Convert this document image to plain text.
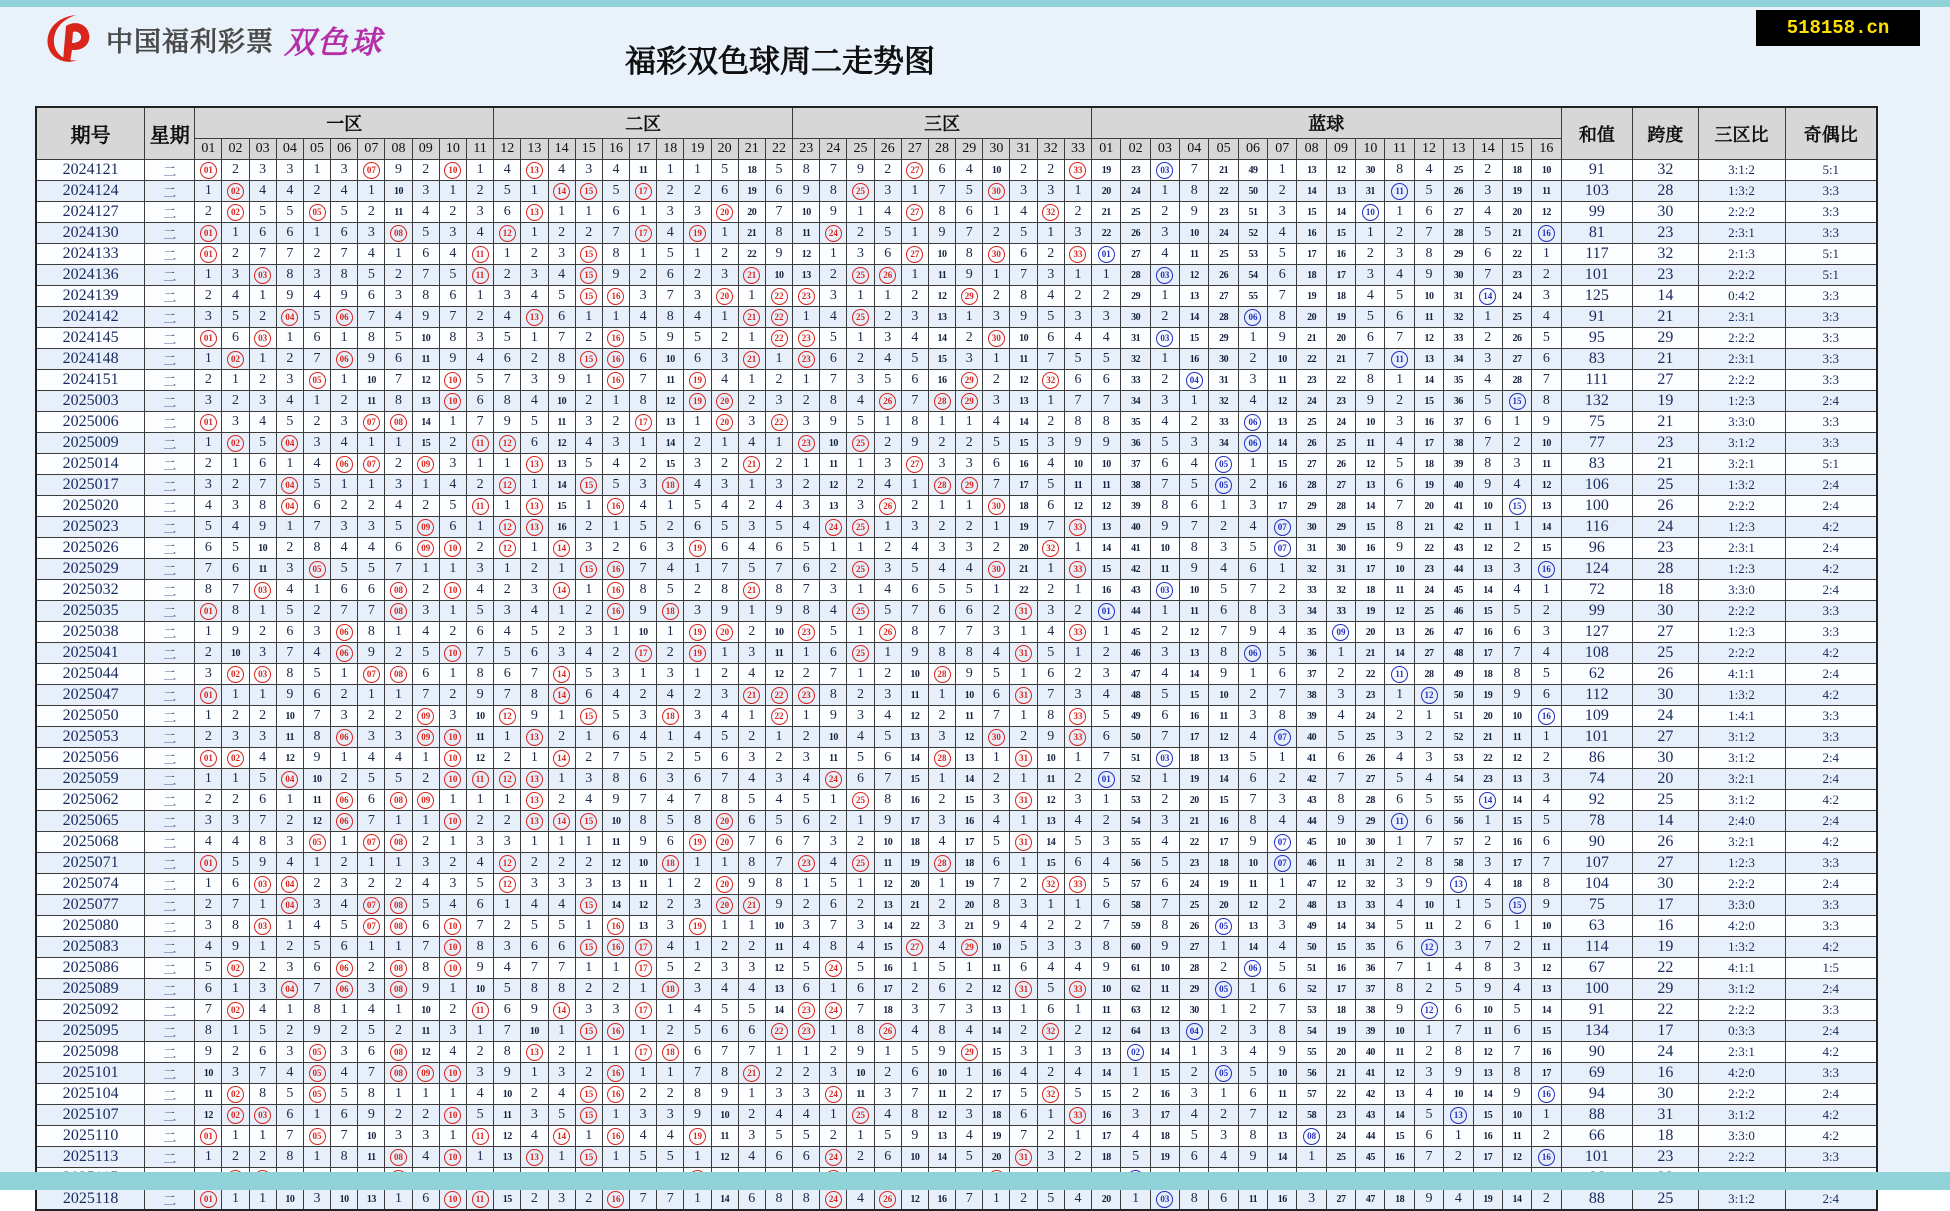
中国福利彩票 双色球
福彩双色球周二走势图
518158.cn
期号	星期	一区											二区											三区											蓝球																和值	跨度	三区比	奇偶比
		01	02	03	04	05	06	07	08	09	10	11	12	13	14	15	16	17	18	19	20	21	22	23	24	25	26	27	28	29	30	31	32	33	01	02	03	04	05	06	07	08	09	10	11	12	13	14	15	16				
2024121	二	01	2	3	3	1	3	07	9	2	10	1	4	13	4	3	4	11	1	1	5	18	5	8	7	9	2	27	6	4	10	2	2	33	19	23	03	7	21	49	1	13	12	30	8	4	25	2	18	10	91	32	3:1:2	5:1
2024124	二	1	02	4	4	2	4	1	10	3	1	2	5	1	14	15	5	17	2	2	6	19	6	9	8	25	3	1	7	5	30	3	3	1	20	24	1	8	22	50	2	14	13	31	11	5	26	3	19	11	103	28	1:3:2	3:3
2024127	二	2	02	5	5	05	5	2	11	4	2	3	6	13	1	1	6	1	3	3	20	20	7	10	9	1	4	27	8	6	1	4	32	2	21	25	2	9	23	51	3	15	14	10	1	6	27	4	20	12	99	30	2:2:2	3:3
2024130	二	01	1	6	6	1	6	3	08	5	3	4	12	1	2	2	7	17	4	19	1	21	8	11	24	2	5	1	9	7	2	5	1	3	22	26	3	10	24	52	4	16	15	1	2	7	28	5	21	16	81	23	2:3:1	3:3
2024133	二	01	2	7	7	2	7	4	1	6	4	11	1	2	3	15	8	1	5	1	2	22	9	12	1	3	6	27	10	8	30	6	2	33	01	27	4	11	25	53	5	17	16	2	3	8	29	6	22	1	117	32	2:1:3	5:1
2024136	二	1	3	03	8	3	8	5	2	7	5	11	2	3	4	15	9	2	6	2	3	21	10	13	2	25	26	1	11	9	1	7	3	1	1	28	03	12	26	54	6	18	17	3	4	9	30	7	23	2	101	23	2:2:2	5:1
2024139	二	2	4	1	9	4	9	6	3	8	6	1	3	4	5	15	16	3	7	3	20	1	22	23	3	1	1	2	12	29	2	8	4	2	2	29	1	13	27	55	7	19	18	4	5	10	31	14	24	3	125	14	0:4:2	3:3
2024142	二	3	5	2	04	5	06	7	4	9	7	2	4	13	6	1	1	4	8	4	1	21	22	1	4	25	2	3	13	1	3	9	5	3	3	30	2	14	28	06	8	20	19	5	6	11	32	1	25	4	91	21	2:3:1	3:3
2024145	二	01	6	03	1	6	1	8	5	10	8	3	5	1	7	2	16	5	9	5	2	1	22	23	5	1	3	4	14	2	30	10	6	4	4	31	03	15	29	1	9	21	20	6	7	12	33	2	26	5	95	29	2:2:2	3:3
2024148	二	1	02	1	2	7	06	9	6	11	9	4	6	2	8	15	16	6	10	6	3	21	1	23	6	2	4	5	15	3	1	11	7	5	5	32	1	16	30	2	10	22	21	7	11	13	34	3	27	6	83	21	2:3:1	3:3
2024151	二	2	1	2	3	05	1	10	7	12	10	5	7	3	9	1	16	7	11	19	4	1	2	1	7	3	5	6	16	29	2	12	32	6	6	33	2	04	31	3	11	23	22	8	1	14	35	4	28	7	111	27	2:2:2	3:3
2025003	二	3	2	3	4	1	2	11	8	13	10	6	8	4	10	2	1	8	12	19	20	2	3	2	8	4	26	7	28	29	3	13	1	7	7	34	3	1	32	4	12	24	23	9	2	15	36	5	15	8	132	19	1:2:3	2:4
2025006	二	01	3	4	5	2	3	07	08	14	1	7	9	5	11	3	2	17	13	1	20	3	22	3	9	5	1	8	1	1	4	14	2	8	8	35	4	2	33	06	13	25	24	10	3	16	37	6	1	9	75	21	3:3:0	3:3
2025009	二	1	02	5	04	3	4	1	1	15	2	11	12	6	12	4	3	1	14	2	1	4	1	23	10	25	2	9	2	2	5	15	3	9	9	36	5	3	34	06	14	26	25	11	4	17	38	7	2	10	77	23	3:1:2	3:3
2025014	二	2	1	6	1	4	06	07	2	09	3	1	1	13	13	5	4	2	15	3	2	21	2	1	11	1	3	27	3	3	6	16	4	10	10	37	6	4	05	1	15	27	26	12	5	18	39	8	3	11	83	21	3:2:1	5:1
2025017	二	3	2	7	04	5	1	1	3	1	4	2	12	1	14	15	5	3	18	4	3	1	3	2	12	2	4	1	28	29	7	17	5	11	11	38	7	5	05	2	16	28	27	13	6	19	40	9	4	12	106	25	1:3:2	2:4
2025020	二	4	3	8	04	6	2	2	4	2	5	11	1	13	15	1	16	4	1	5	4	2	4	3	13	3	26	2	1	1	30	18	6	12	12	39	8	6	1	3	17	29	28	14	7	20	41	10	15	13	100	26	2:2:2	2:4
2025023	二	5	4	9	1	7	3	3	5	09	6	1	12	13	16	2	1	5	2	6	5	3	5	4	24	25	1	3	2	2	1	19	7	33	13	40	9	7	2	4	07	30	29	15	8	21	42	11	1	14	116	24	1:2:3	4:2
2025026	二	6	5	10	2	8	4	4	6	09	10	2	12	1	14	3	2	6	3	19	6	4	6	5	1	1	2	4	3	3	2	20	32	1	14	41	10	8	3	5	07	31	30	16	9	22	43	12	2	15	96	23	2:3:1	2:4
2025029	二	7	6	11	3	05	5	5	7	1	1	3	1	2	1	15	16	7	4	1	7	5	7	6	2	25	3	5	4	4	30	21	1	33	15	42	11	9	4	6	1	32	31	17	10	23	44	13	3	16	124	28	1:2:3	4:2
2025032	二	8	7	03	4	1	6	6	08	2	10	4	2	3	14	1	16	8	5	2	8	21	8	7	3	1	4	6	5	5	1	22	2	1	16	43	03	10	5	7	2	33	32	18	11	24	45	14	4	1	72	18	3:3:0	2:4
2025035	二	01	8	1	5	2	7	7	08	3	1	5	3	4	1	2	16	9	18	3	9	1	9	8	4	25	5	7	6	6	2	31	3	2	01	44	1	11	6	8	3	34	33	19	12	25	46	15	5	2	99	30	2:2:2	3:3
2025038	二	1	9	2	6	3	06	8	1	4	2	6	4	5	2	3	1	10	1	19	20	2	10	23	5	1	26	8	7	7	3	1	4	33	1	45	2	12	7	9	4	35	09	20	13	26	47	16	6	3	127	27	1:2:3	3:3
2025041	二	2	10	3	7	4	06	9	2	5	10	7	5	6	3	4	2	17	2	19	1	3	11	1	6	25	1	9	8	8	4	31	5	1	2	46	3	13	8	06	5	36	1	21	14	27	48	17	7	4	108	25	2:2:2	4:2
2025044	二	3	02	03	8	5	1	07	08	6	1	8	6	7	14	5	3	1	3	1	2	4	12	2	7	1	2	10	28	9	5	1	6	2	3	47	4	14	9	1	6	37	2	22	11	28	49	18	8	5	62	26	4:1:1	2:4
2025047	二	01	1	1	9	6	2	1	1	7	2	9	7	8	14	6	4	2	4	2	3	21	22	23	8	2	3	11	1	10	6	31	7	3	4	48	5	15	10	2	7	38	3	23	1	12	50	19	9	6	112	30	1:3:2	4:2
2025050	二	1	2	2	10	7	3	2	2	09	3	10	12	9	1	15	5	3	18	3	4	1	22	1	9	3	4	12	2	11	7	1	8	33	5	49	6	16	11	3	8	39	4	24	2	1	51	20	10	16	109	24	1:4:1	3:3
2025053	二	2	3	3	11	8	06	3	3	09	10	11	1	13	2	1	6	4	1	4	5	2	1	2	10	4	5	13	3	12	30	2	9	33	6	50	7	17	12	4	07	40	5	25	3	2	52	21	11	1	101	27	3:1:2	3:3
2025056	二	01	02	4	12	9	1	4	4	1	10	12	2	1	14	2	7	5	2	5	6	3	2	3	11	5	6	14	28	13	1	31	10	1	7	51	03	18	13	5	1	41	6	26	4	3	53	22	12	2	86	30	3:1:2	2:4
2025059	二	1	1	5	04	10	2	5	5	2	10	11	12	13	1	3	8	6	3	6	7	4	3	4	24	6	7	15	1	14	2	1	11	2	01	52	1	19	14	6	2	42	7	27	5	4	54	23	13	3	74	20	3:2:1	2:4
2025062	二	2	2	6	1	11	06	6	08	09	1	1	1	13	2	4	9	7	4	7	8	5	4	5	1	25	8	16	2	15	3	31	12	3	1	53	2	20	15	7	3	43	8	28	6	5	55	14	14	4	92	25	3:1:2	4:2
2025065	二	3	3	7	2	12	06	7	1	1	10	2	2	13	14	15	10	8	5	8	20	6	5	6	2	1	9	17	3	16	4	1	13	4	2	54	3	21	16	8	4	44	9	29	11	6	56	1	15	5	78	14	2:4:0	2:4
2025068	二	4	4	8	3	05	1	07	08	2	1	3	3	1	1	1	11	9	6	19	20	7	6	7	3	2	10	18	4	17	5	31	14	5	3	55	4	22	17	9	07	45	10	30	1	7	57	2	16	6	90	26	3:2:1	4:2
2025071	二	01	5	9	4	1	2	1	1	3	2	4	12	2	2	2	12	10	18	1	1	8	7	23	4	25	11	19	28	18	6	1	15	6	4	56	5	23	18	10	07	46	11	31	2	8	58	3	17	7	107	27	1:2:3	3:3
2025074	二	1	6	03	04	2	3	2	2	4	3	5	12	3	3	3	13	11	1	2	20	9	8	1	5	1	12	20	1	19	7	2	32	33	5	57	6	24	19	11	1	47	12	32	3	9	13	4	18	8	104	30	2:2:2	2:4
2025077	二	2	7	1	04	3	4	07	08	5	4	6	1	4	4	15	14	12	2	3	20	21	9	2	6	2	13	21	2	20	8	3	1	1	6	58	7	25	20	12	2	48	13	33	4	10	1	5	15	9	75	17	3:3:0	3:3
2025080	二	3	8	03	1	4	5	07	08	6	10	7	2	5	5	1	16	13	3	19	1	1	10	3	7	3	14	22	3	21	9	4	2	2	7	59	8	26	05	13	3	49	14	34	5	11	2	6	1	10	63	16	4:2:0	3:3
2025083	二	4	9	1	2	5	6	1	1	7	10	8	3	6	6	15	16	17	4	1	2	2	11	4	8	4	15	27	4	29	10	5	3	3	8	60	9	27	1	14	4	50	15	35	6	12	3	7	2	11	114	19	1:3:2	4:2
2025086	二	5	02	2	3	6	06	2	08	8	10	9	4	7	7	1	1	17	5	2	3	3	12	5	24	5	16	1	5	1	11	6	4	4	9	61	10	28	2	06	5	51	16	36	7	1	4	8	3	12	67	22	4:1:1	1:5
2025089	二	6	1	3	04	7	06	3	08	9	1	10	5	8	8	2	2	1	18	3	4	4	13	6	1	6	17	2	6	2	12	31	5	33	10	62	11	29	05	1	6	52	17	37	8	2	5	9	4	13	100	29	3:1:2	2:4
2025092	二	7	02	4	1	8	1	4	1	10	2	11	6	9	14	3	3	17	1	4	5	5	14	23	24	7	18	3	7	3	13	1	6	1	11	63	12	30	1	2	7	53	18	38	9	12	6	10	5	14	91	22	2:2:2	3:3
2025095	二	8	1	5	2	9	2	5	2	11	3	1	7	10	1	15	16	1	2	5	6	6	22	23	1	8	26	4	8	4	14	2	32	2	12	64	13	04	2	3	8	54	19	39	10	1	7	11	6	15	134	17	0:3:3	2:4
2025098	二	9	2	6	3	05	3	6	08	12	4	2	8	13	2	1	1	17	18	6	7	7	1	1	2	9	1	5	9	29	15	3	1	3	13	02	14	1	3	4	9	55	20	40	11	2	8	12	7	16	90	24	2:3:1	4:2
2025101	二	10	3	7	4	05	4	7	08	09	10	3	9	1	3	2	16	1	1	7	8	21	2	2	3	10	2	6	10	1	16	4	2	4	14	1	15	2	05	5	10	56	21	41	12	3	9	13	8	17	69	16	4:2:0	3:3
2025104	二	11	02	8	5	05	5	8	1	1	1	4	10	2	4	15	16	2	2	8	9	1	3	3	24	11	3	7	11	2	17	5	32	5	15	2	16	3	1	6	11	57	22	42	13	4	10	14	9	16	94	30	2:2:2	2:4
2025107	二	12	02	03	6	1	6	9	2	2	10	5	11	3	5	15	1	3	3	9	10	2	4	4	1	25	4	8	12	3	18	6	1	33	16	3	17	4	2	7	12	58	23	43	14	5	13	15	10	1	88	31	3:1:2	4:2
2025110	二	01	1	1	7	05	7	10	3	3	1	11	12	4	14	1	16	4	4	19	11	3	5	5	2	1	5	9	13	4	19	7	2	1	17	4	18	5	3	8	13	08	24	44	15	6	1	16	11	2	66	18	3:3:0	4:2
2025113	二	1	2	2	8	1	8	11	08	4	10	1	13	13	1	15	1	5	5	1	12	4	6	6	24	2	6	10	14	5	20	31	3	2	18	5	19	6	4	9	14	1	25	45	16	7	2	17	12	16	101	23	2:2:2	3:3

2025118	二	01	1	1	10	3	10	13	1	6	10	11	15	2	3	2	16	7	7	1	14	6	8	8	24	4	26	12	16	7	1	2	5	4	20	1	03	8	6	11	16	3	27	47	18	9	4	19	14	2	88	25	3:1:2	2:4
